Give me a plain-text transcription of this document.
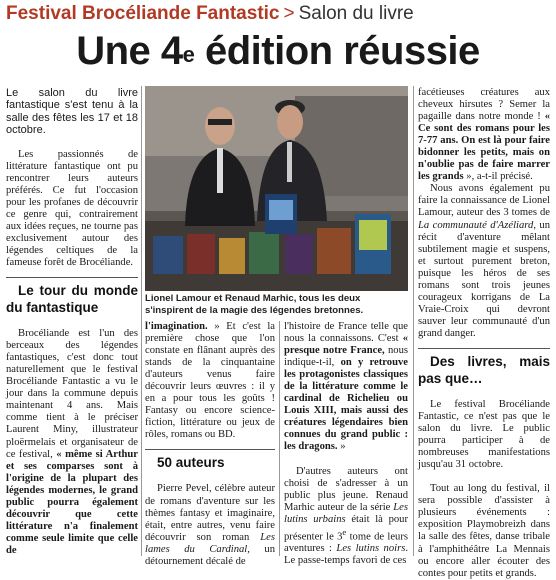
Festival Brocéliande Fantastic > Salon du livre
Une 4e édition réussie

Le salon du livre fantastique s'est tenu à la salle des fêtes les 17 et 18 octobre.

Les passionnés de littérature fantastique ont pu rencontrer leurs auteurs préférés. Ce fut l'occasion pour les profanes de découvrir ce genre qui, contrairement aux idées reçues, ne tourne pas exclusivement autour des légendes celtiques de la fameuse forêt de Brocéliande.

Le tour du monde du fantastique

Brocéliande est l'un des berceaux des légendes fantastiques, c'est donc tout naturellement que le festival Brocéliande Fantastic a vu le jour dans la commune depuis maintenant 4 ans. Mais comme tient à le préciser Laurent Miny, illustrateur ploërmelais et organisateur de ce festival, « même si Arthur et ses comparses sont à l'origine de la plupart des légendes modernes, le grand public pourra également découvrir que cette littérature n'a finalement comme seule limite que celle de

Lionel Lamour et Renaud Marhic, tous les deux s'inspirent de la magie des légendes bretonnes.

l'imagination. » Et c'est la première chose que l'on constate en flânant auprès des stands de la cinquantaine d'auteurs venus faire découvrir leurs œuvres : il y en a pour tous les goûts ! Fantasy ou encore science-fiction, littérature ou jeux de rôles, romans ou BD.

50 auteurs

Pierre Pevel, célèbre auteur de romans d'aventure sur les thèmes fantasy et imaginaire, était, entre autres, venu faire découvrir son roman Les lames du Cardinal, un détournement décalé de

l'histoire de France telle que nous la connaissons. C'est « presque notre France, nous indique-t-il, on y retrouve les protagonistes classiques de la littérature comme le cardinal de Richelieu ou Louis XIII, mais aussi des créatures légendaires bien connues du grand public : les dragons. »

D'autres auteurs ont choisi de s'adresser à un public plus jeune. Renaud Marhic auteur de la série Les lutins urbains était là pour présenter le 3e tome de leurs aventures : Les lutins noirs. Le passe-temps favori de ces

facétieuses créatures aux cheveux hirsutes ? Semer la pagaille dans notre monde ! « Ce sont des romans pour les 7-77 ans. On est là pour faire bidonner les petits, mais on n'oublie pas de faire marrer les grands », a-t-il précisé.

Nous avons également pu faire la connaissance de Lionel Lamour, auteur des 3 tomes de La communauté d'Azéliard, un récit d'aventure mêlant subtilement magie et suspens, et surtout purement breton, puisque les héros de ses romans sont trois jeunes courageux korrigans de La Vraie-Croix qui devront sauver leur communauté d'un grand danger.

Des livres, mais pas que…

Le festival Brocéliande Fantastic, ce n'est pas que le salon du livre. Le public pourra participer à de nombreuses manifestations jusqu'au 31 octobre.

Tout au long du festival, il sera possible d'assister à plusieurs événements : exposition Playmobreizh dans la salle des fêtes, danse tribale à l'amphithéâtre La Mennais ou encore aller écouter des contes pour petits et grands.
